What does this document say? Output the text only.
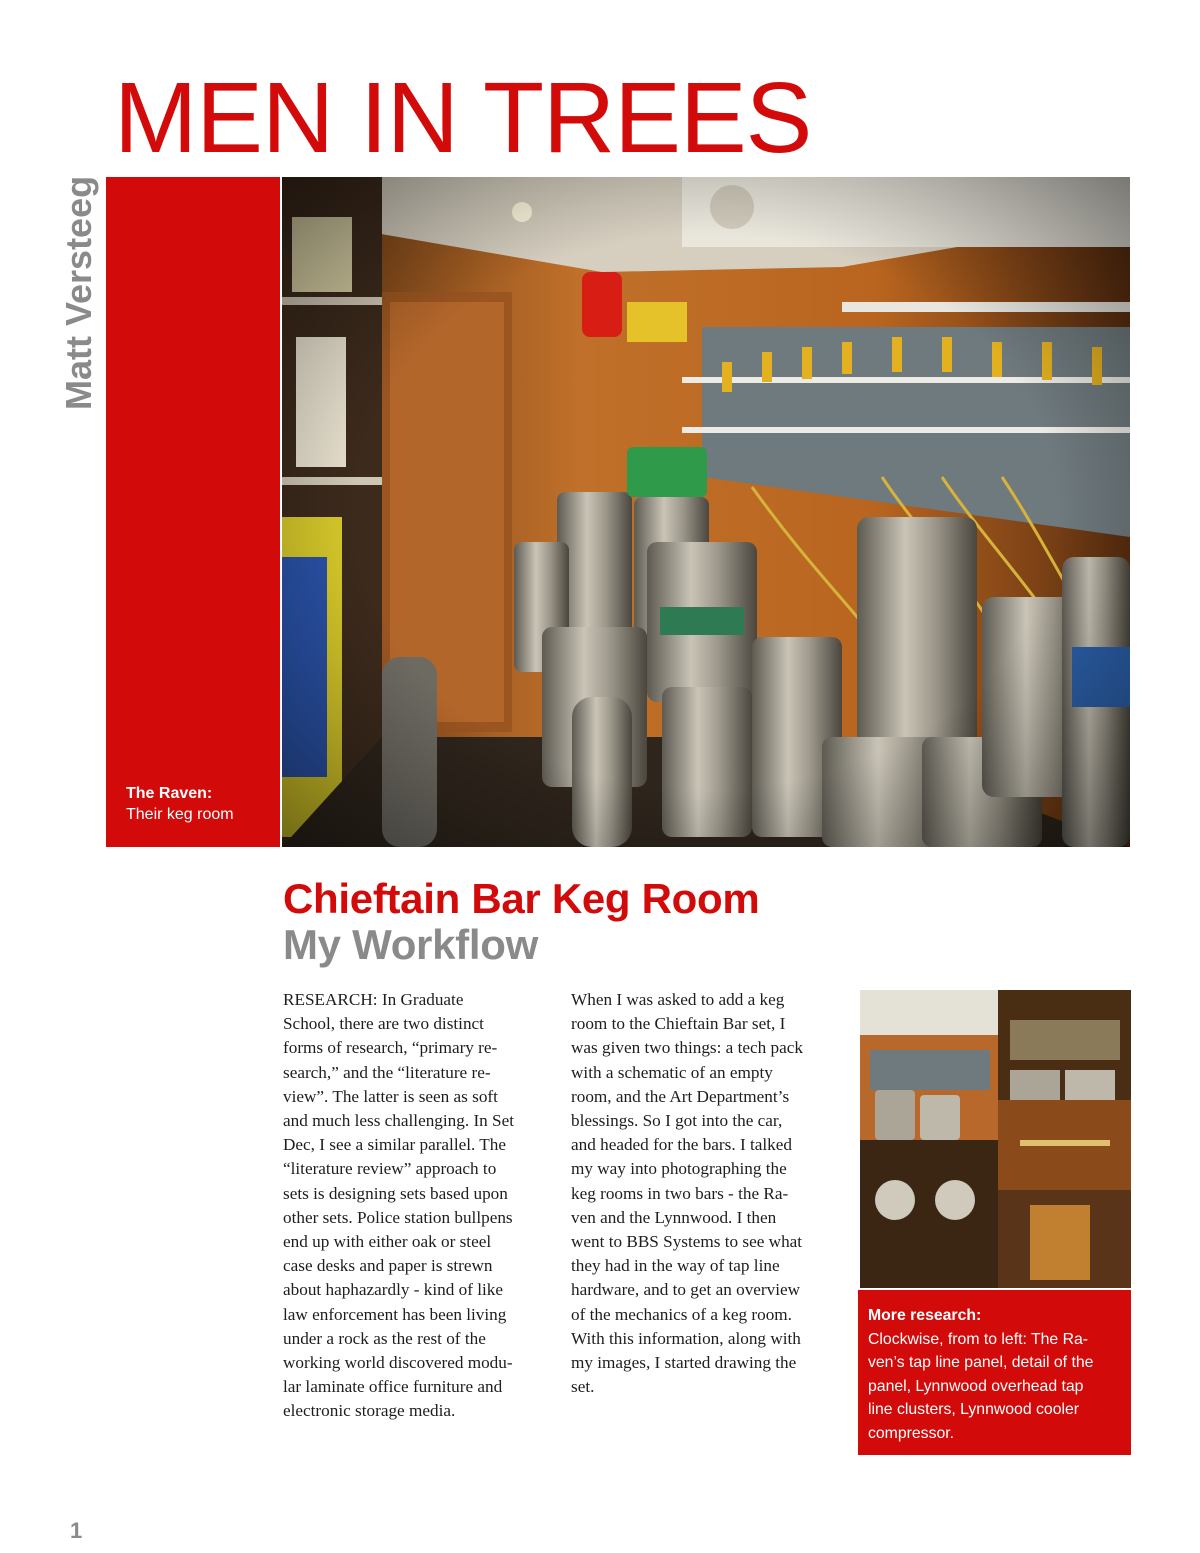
MEN IN TREES
Matt Versteeg
The Raven:
Their keg room
Chieftain Bar Keg Room
My Workflow
RESEARCH: In Graduate
School, there are two distinct
forms of research, “primary re-
search,” and the “literature re-
view”. The latter is seen as soft
and much less challenging. In Set
Dec, I see a similar parallel. The
“literature review” approach to
sets is designing sets based upon
other sets. Police station bullpens
end up with either oak or steel
case desks and paper is strewn
about haphazardly - kind of like
law enforcement has been living
under a rock as the rest of the
working world discovered modu-
lar laminate office furniture and
electronic storage media.
When I was asked to add a keg
room to the Chieftain Bar set, I
was given two things: a tech pack
with a schematic of an empty
room, and the Art Department’s
blessings. So I got into the car,
and headed for the bars. I talked
my way into photographing the
keg rooms in two bars - the Ra-
ven and the Lynnwood. I then
went to BBS Systems to see what
they had in the way of tap line
hardware, and to get an overview
of the mechanics of a keg room.
With this information, along with
my images, I started drawing the
set.
More research:
Clockwise, from to left: The Ra-
ven’s tap line panel, detail of the
panel, Lynnwood overhead tap
line clusters, Lynnwood cooler
compressor.
1
